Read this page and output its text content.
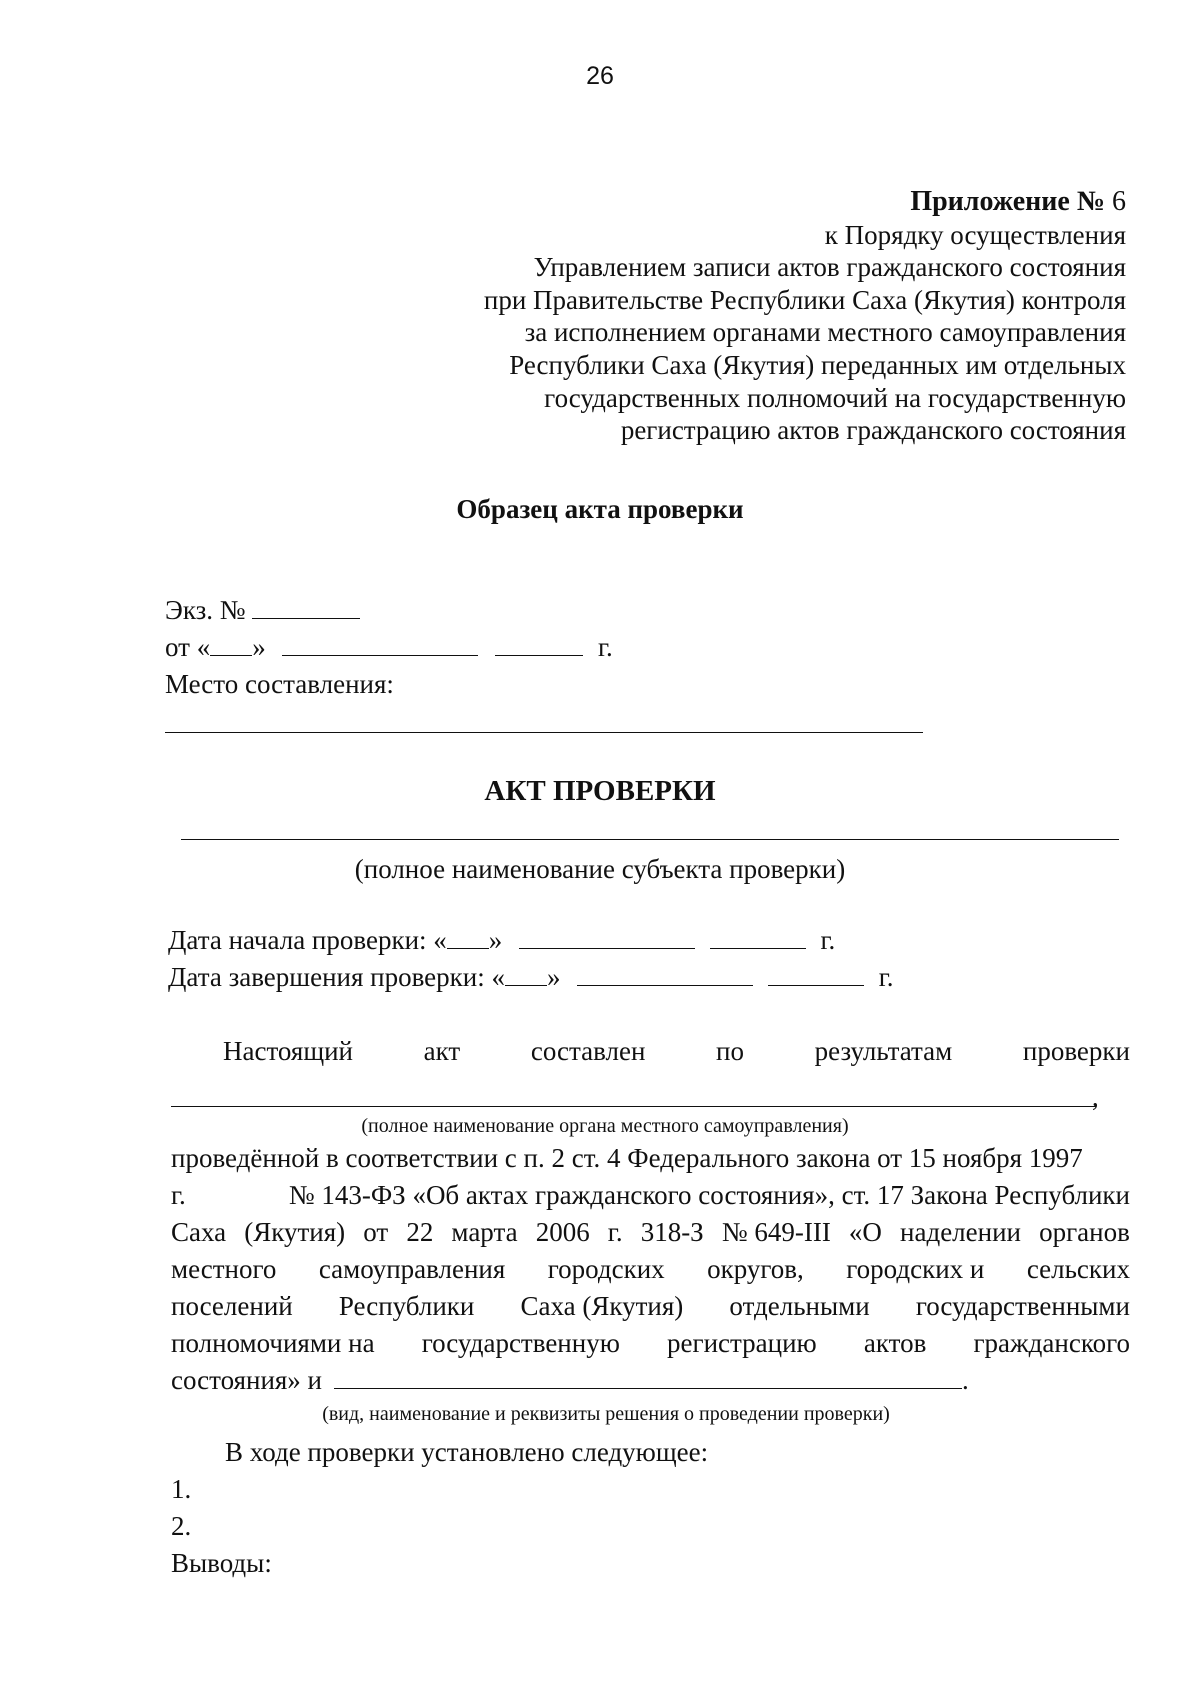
26
Приложение № 6
к Порядку осуществления
Управлением записи актов гражданского состояния
при Правительстве Республики Саха (Якутия) контроля
за исполнением органами местного самоуправления
Республики Саха (Якутия) переданных им отдельных
государственных полномочий на государственную
регистрацию актов гражданского состояния
Образец акта проверки
Экз. №
от « »	г.
Место составления:
АКТ ПРОВЕРКИ
(полное наименование субъекта проверки)
Дата начала проверки: « »	г.
Дата завершения проверки: « »	г.
Настоящий	акт	составлен	по	результатам	проверки
,
(полное наименование органа местного самоуправления)
проведённой в соответствии с п. 2 ст. 4 Федерального закона от 15 ноября 1997
г.	№ 143-ФЗ «Об актах гражданского состояния», ст. 17 Закона Республики
Саха (Якутия) от 22 марта 2006 г. 318-З № 649-III «О наделении органов
местного самоуправления городских округов, городских и сельских
поселений Республики Саха (Якутия) отдельными государственными
полномочиями на государственную регистрацию актов гражданского
состояния» и	.
(вид, наименование и реквизиты решения о проведении проверки)
В ходе проверки установлено следующее:
1.
2.
Выводы:
